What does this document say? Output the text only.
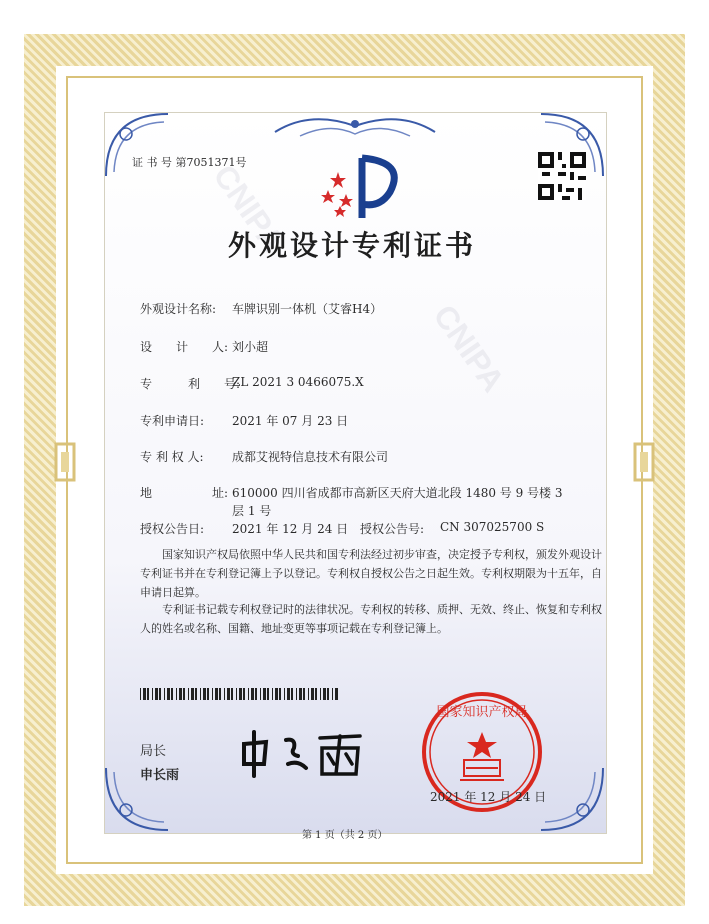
CNIPA
CNIPA
证 书 号 第7051371号
外观设计专利证书
外观设计名称: 车牌识别一体机（艾睿H4）
设　　计　　人: 刘小超
专　　　利　　号:
ZL 2021 3 0466075.X
专利申请日: 2021 年 07 月 23 日
专 利 权 人: 成都艾视特信息技术有限公司
地　　　　　址: 610000 四川省成都市高新区天府大道北段 1480 号 9 号楼 3
层 1 号
授权公告日: 2021 年 12 月 24 日 授权公告号: CN 307025700 S
国家知识产权局依照中华人民共和国专利法经过初步审查，决定授予专利权，颁发外观设计专利证书并在专利登记簿上予以登记。专利权自授权公告之日起生效。专利权期限为十五年，自申请日起算。
专利证书记载专利权登记时的法律状况。专利权的转移、质押、无效、终止、恢复和专利权人的姓名或名称、国籍、地址变更等事项记载在专利登记簿上。
局长
申长雨
国家知识产权局
2021 年 12 月 24 日
第 1 页（共 2 页）
